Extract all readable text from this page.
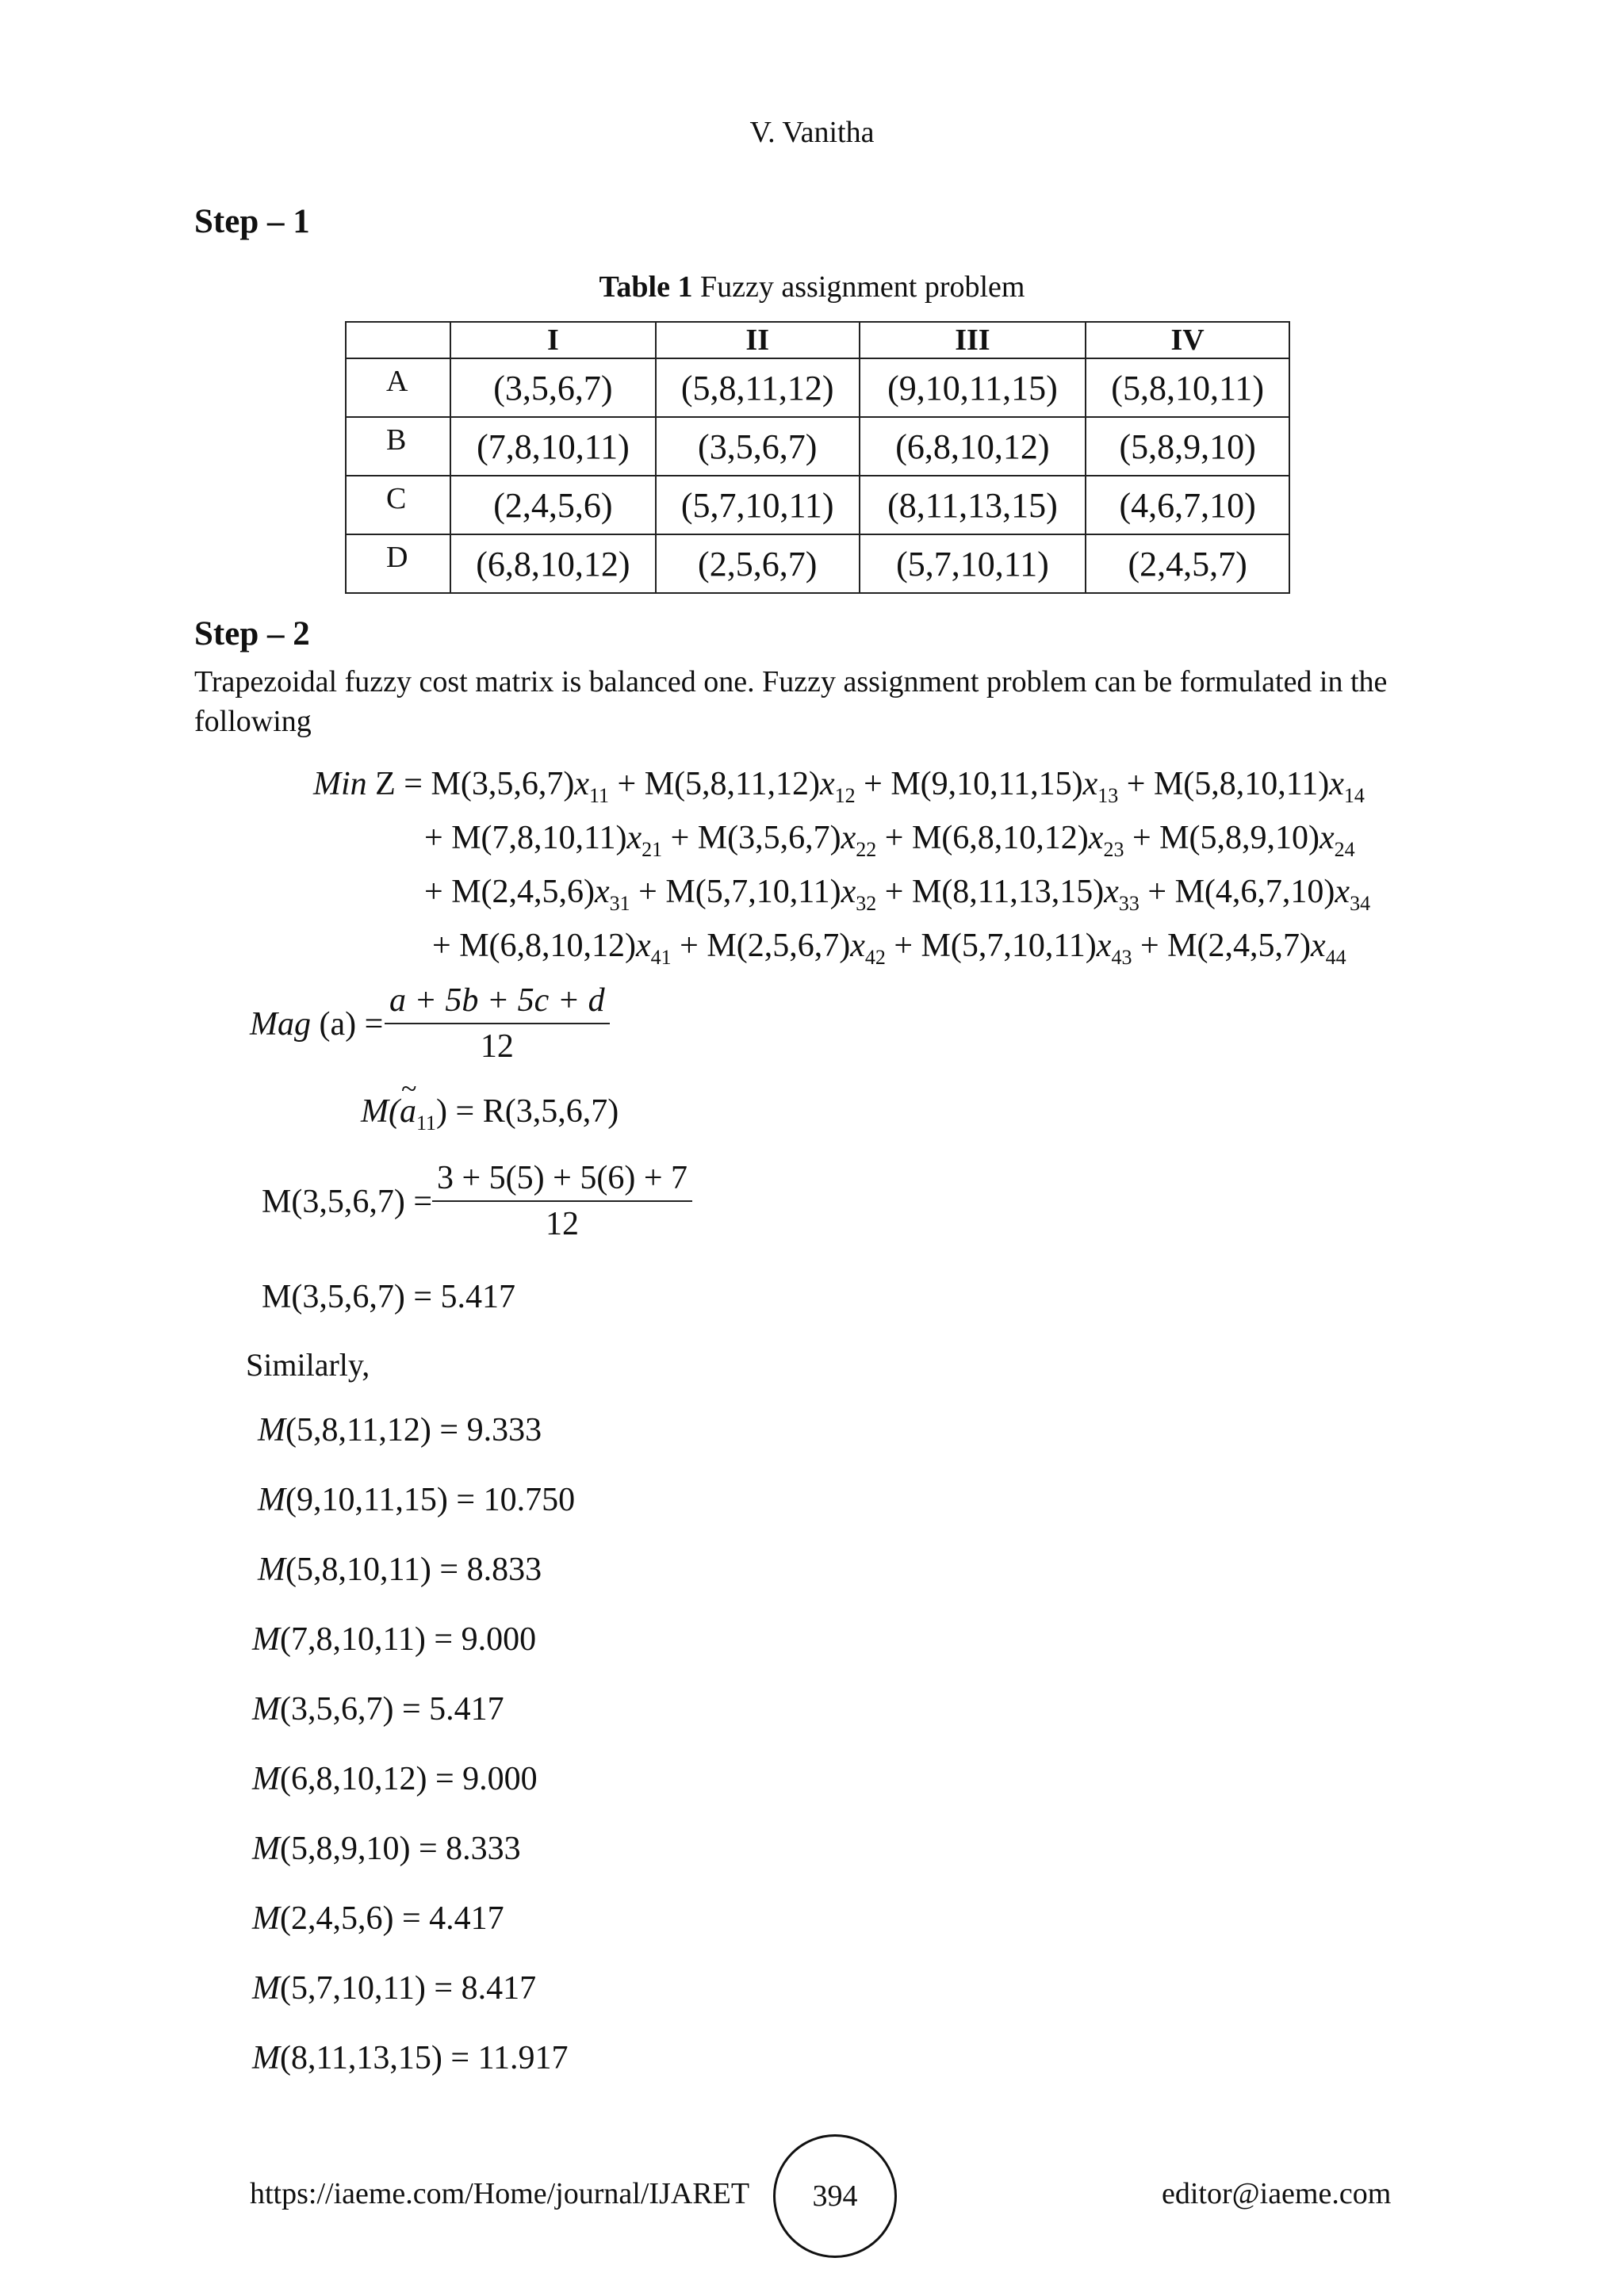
V. Vanitha
Step – 1
Table 1 Fuzzy assignment problem
	I	II	III	IV
A	(3,5,6,7)	(5,8,11,12)	(9,10,11,15)	(5,8,10,11)
B	(7,8,10,11)	(3,5,6,7)	(6,8,10,12)	(5,8,9,10)
C	(2,4,5,6)	(5,7,10,11)	(8,11,13,15)	(4,6,7,10)
D	(6,8,10,12)	(2,5,6,7)	(5,7,10,11)	(2,4,5,7)
Step – 2
Trapezoidal fuzzy cost matrix is balanced one. Fuzzy assignment problem can be formulated in the following
Min $Z = M(3,5,6,7)x_{11} + M(5,8,11,12)x_{12} + M(9,10,11,15)x_{13} + M(5,8,10,11)x_{14}$
+ $M(7,8,10,11)x_{21} + M(3,5,6,7)x_{22} + M(6,8,10,12)x_{23} + M(5,8,9,10)x_{24}$
+ $M(2,4,5,6)x_{31} + M(5,7,10,11)x_{32} + M(8,11,13,15)x_{33} + M(4,6,7,10)x_{34}$
+ $M(6,8,10,12)x_{41} + M(2,5,6,7)x_{42} + M(5,7,10,11)x_{43} + M(2,4,5,7)x_{44}$
Mag $(a) = \frac{a + 5b + 5c + d}{12}$
M(~ $a_{11}) = R(3,5,6,7)$
$M(3,5,6,7) = \frac{3 + 5(5) + 5(6) + 7}{12}$
M(3,5,6,7) = 5.417
Similarly,
M(5,8,11,12) = 9.333
M(9,10,11,15) = 10.750
M(5,8,10,11) = 8.833
M(7,8,10,11) = 9.000
M(3,5,6,7) = 5.417
M(6,8,10,12) = 9.000
M(5,8,9,10) = 8.333
M(2,4,5,6) = 4.417
M(5,7,10,11) = 8.417
M(8,11,13,15) = 11.917
https://iaeme.com/Home/journal/IJARET	394	editor@iaeme.com
